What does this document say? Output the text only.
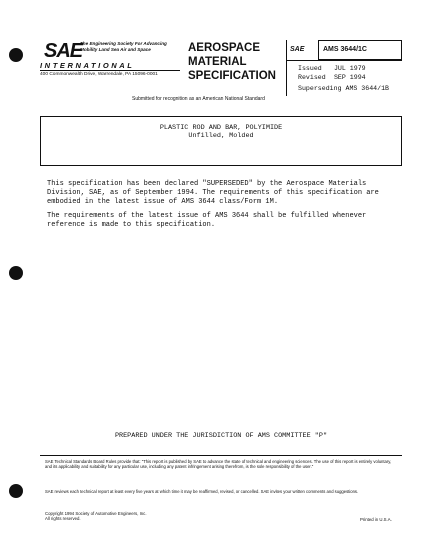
SAE
The Engineering Society For Advancing Mobility Land Sea Air and Space
INTERNATIONAL
400 Commonwealth Drive, Warrendale, PA 15096-0001
AEROSPACE
MATERIAL
SPECIFICATION
SAE	AMS 3644/1C
Issued JUL 1979
Revised SEP 1994
Superseding AMS 3644/1B
Submitted for recognition as an American National Standard
PLASTIC ROD AND BAR, POLYIMIDE
Unfilled, Molded
This specification has been declared "SUPERSEDED" by the Aerospace Materials Division, SAE, as of September 1994. The requirements of this specification are embodied in the latest issue of AMS 3644 class/Form 1M.
The requirements of the latest issue of AMS 3644 shall be fulfilled whenever reference is made to this specification.
PREPARED UNDER THE JURISDICTION OF AMS COMMITTEE "P"
SAE Technical Standards Board Rules provide that: "This report is published by SAE to advance the state of technical and engineering sciences. The use of this report is entirely voluntary, and its applicability and suitability for any particular use, including any patent infringement arising therefrom, is the sole responsibility of the user."
SAE reviews each technical report at least every five years at which time it may be reaffirmed, revised, or cancelled. SAE invites your written comments and suggestions.
Copyright 1994 Society of Automotive Engineers, Inc.
All rights reserved.	Printed in U.S.A.
